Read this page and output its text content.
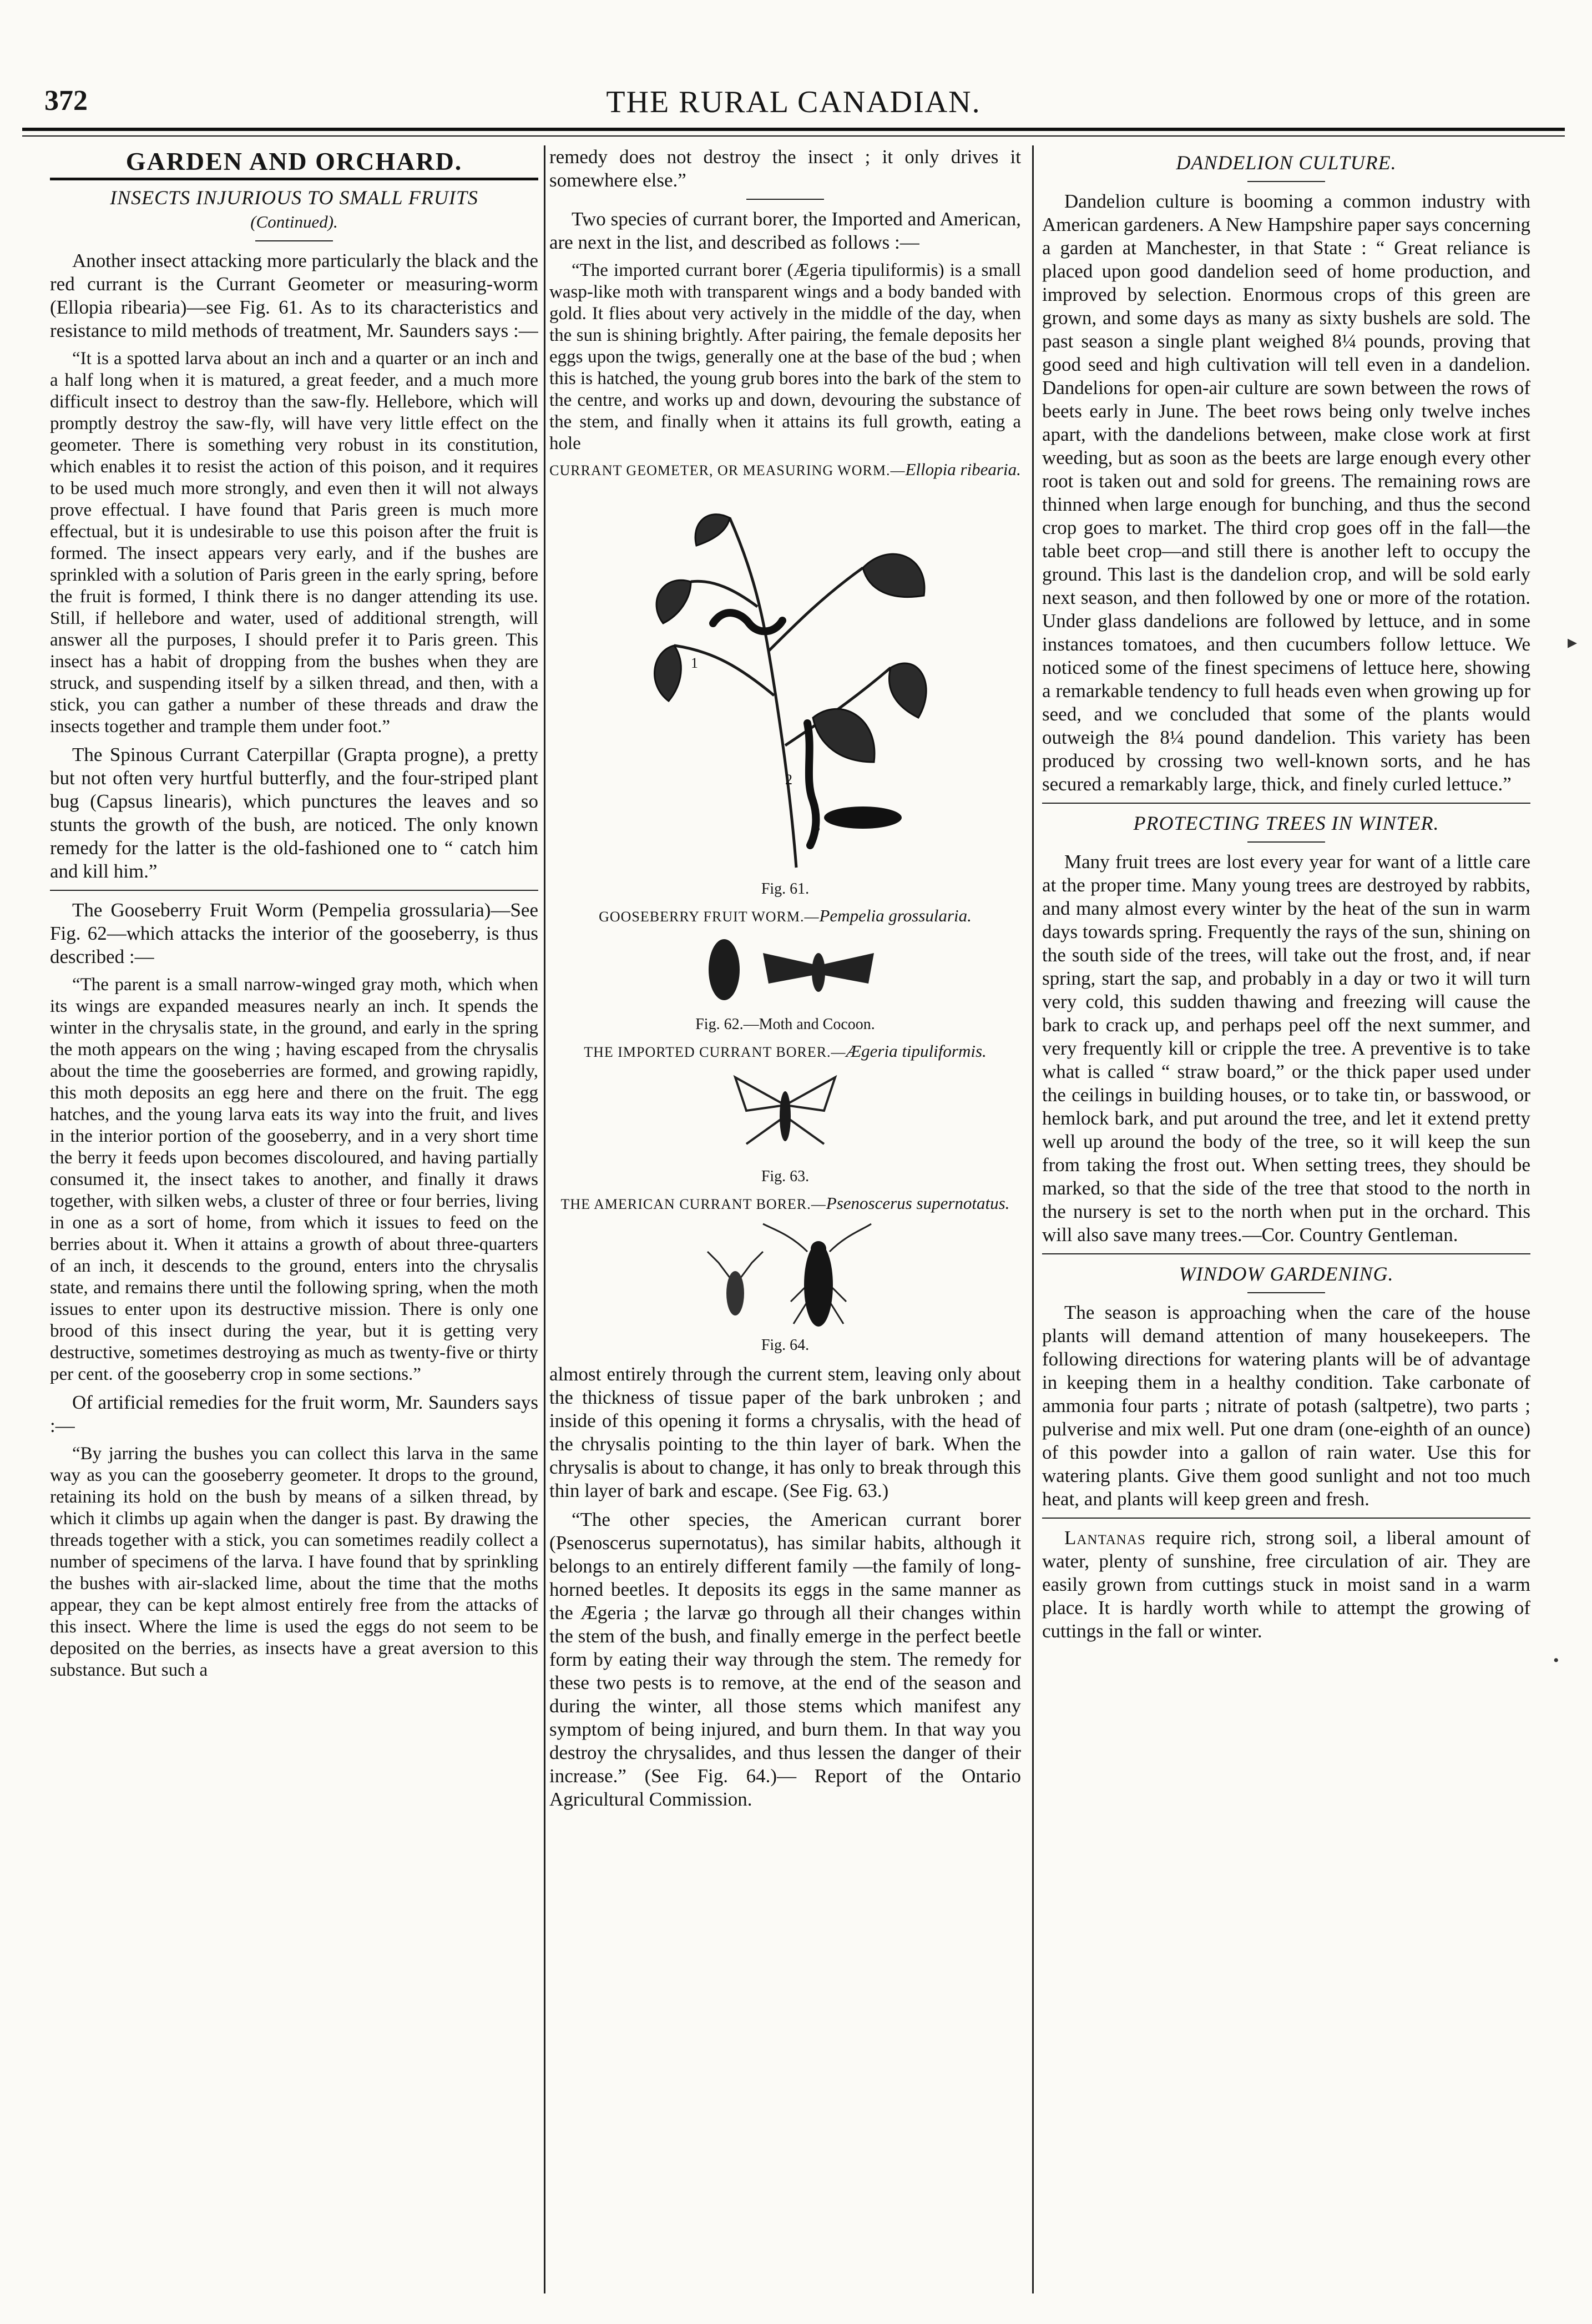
372	THE RURAL CANADIAN.
GARDEN AND ORCHARD.
INSECTS INJURIOUS TO SMALL FRUITS
(Continued).

Another insect attacking more particularly the black and the red currant is the Currant Geometer or measuring-worm (Ellopia ribearia)—see Fig. 61. As to its characteristics and resistance to mild methods of treatment, Mr. Saunders says :—

“It is a spotted larva about an inch and a quarter or an inch and a half long when it is matured, a great feeder, and a much more difficult insect to destroy than the saw-fly. Hellebore, which will promptly destroy the saw-fly, will have very little effect on the geometer. There is something very robust in its constitution, which enables it to resist the action of this poison, and it requires to be used much more strongly, and even then it will not always prove effectual. I have found that Paris green is much more effectual, but it is undesirable to use this poison after the fruit is formed. The insect appears very early, and if the bushes are sprinkled with a solution of Paris green in the early spring, before the fruit is formed, I think there is no danger attending its use. Still, if hellebore and water, used of additional strength, will answer all the purposes, I should prefer it to Paris green. This insect has a habit of dropping from the bushes when they are struck, and suspending itself by a silken thread, and then, with a stick, you can gather a number of these threads and draw the insects together and trample them under foot.”

The Spinous Currant Caterpillar (Grapta progne), a pretty but not often very hurtful butterfly, and the four-striped plant bug (Capsus linearis), which punctures the leaves and so stunts the growth of the bush, are noticed. The only known remedy for the latter is the old-fashioned one to “ catch him and kill him.”

The Gooseberry Fruit Worm (Pempelia grossularia)—See Fig. 62—which attacks the interior of the gooseberry, is thus described :—

“The parent is a small narrow-winged gray moth, which when its wings are expanded measures nearly an inch. It spends the winter in the chrysalis state, in the ground, and early in the spring the moth appears on the wing ; having escaped from the chrysalis about the time the gooseberries are formed, and growing rapidly, this moth deposits an egg here and there on the fruit. The egg hatches, and the young larva eats its way into the fruit, and lives in the interior portion of the gooseberry, and in a very short time the berry it feeds upon becomes discoloured, and having partially consumed it, the insect takes to another, and finally it draws together, with silken webs, a cluster of three or four berries, living in one as a sort of home, from which it issues to feed on the berries about it. When it attains a growth of about three-quarters of an inch, it descends to the ground, enters into the chrysalis state, and remains there until the following spring, when the moth issues to enter upon its destructive mission. There is only one brood of this insect during the year, but it is getting very destructive, sometimes destroying as much as twenty-five or thirty per cent. of the gooseberry crop in some sections.”

Of artificial remedies for the fruit worm, Mr. Saunders says :—

“By jarring the bushes you can collect this larva in the same way as you can the gooseberry geometer. It drops to the ground, retaining its hold on the bush by means of a silken thread, by which it climbs up again when the danger is past. By drawing the threads together with a stick, you can sometimes readily collect a number of specimens of the larva. I have found that by sprinkling the bushes with air-slacked lime, about the time that the moths appear, they can be kept almost entirely free from the attacks of this insect. Where the lime is used the eggs do not seem to be deposited on the berries, as insects have a great aversion to this substance. But such a

remedy does not destroy the insect ; it only drives it somewhere else.”

Two species of currant borer, the Imported and American, are next in the list, and described as follows :—

“The imported currant borer (Ægeria tipuliformis) is a small wasp-like moth with transparent wings and a body banded with gold. It flies about very actively in the middle of the day, when the sun is shining brightly. After pairing, the female deposits her eggs upon the twigs, generally one at the base of the bud ; when this is hatched, the young grub bores into the bark of the stem to the centre, and works up and down, devouring the substance of the stem, and finally when it attains its full growth, eating a hole

CURRANT GEOMETER, OR MEASURING WORM.—Ellopia ribearia.
1
2
3
Fig. 61.
GOOSEBERRY FRUIT WORM.—Pempelia grossularia.
Fig. 62.—Moth and Cocoon.
THE IMPORTED CURRANT BORER.—Ægeria tipuliformis.
Fig. 63.
THE AMERICAN CURRANT BORER.—Psenoscerus supernotatus.
Fig. 64.

almost entirely through the current stem, leaving only about the thickness of tissue paper of the bark unbroken ; and inside of this opening it forms a chrysalis, with the head of the chrysalis pointing to the thin layer of bark. When the chrysalis is about to change, it has only to break through this thin layer of bark and escape. (See Fig. 63.)

“The other species, the American currant borer (Psenoscerus supernotatus), has similar habits, although it belongs to an entirely different family —the family of long-horned beetles. It deposits its eggs in the same manner as the Ægeria ; the larvæ go through all their changes within the stem of the bush, and finally emerge in the perfect beetle form by eating their way through the stem. The remedy for these two pests is to remove, at the end of the season and during the winter, all those stems which manifest any symptom of being injured, and burn them. In that way you destroy the chrysalides, and thus lessen the danger of their increase.” (See Fig. 64.)— Report of the Ontario Agricultural Commission.

DANDELION CULTURE.

Dandelion culture is booming a common industry with American gardeners. A New Hampshire paper says concerning a garden at Manchester, in that State : “ Great reliance is placed upon good dandelion seed of home production, and improved by selection. Enormous crops of this green are grown, and some days as many as sixty bushels are sold. The past season a single plant weighed 8¼ pounds, proving that good seed and high cultivation will tell even in a dandelion. Dandelions for open-air culture are sown between the rows of beets early in June. The beet rows being only twelve inches apart, with the dandelions between, make close work at first weeding, but as soon as the beets are large enough every other root is taken out and sold for greens. The remaining rows are thinned when large enough for bunching, and thus the second crop goes to market. The third crop goes off in the fall—the table beet crop—and still there is another left to occupy the ground. This last is the dandelion crop, and will be sold early next season, and then followed by one or more of the rotation. Under glass dandelions are followed by lettuce, and in some instances tomatoes, and then cucumbers follow lettuce. We noticed some of the finest specimens of lettuce here, showing a remarkable tendency to full heads even when growing up for seed, and we concluded that some of the plants would outweigh the 8¼ pound dandelion. This variety has been produced by crossing two well-known sorts, and he has secured a remarkably large, thick, and finely curled lettuce.”

PROTECTING TREES IN WINTER.

Many fruit trees are lost every year for want of a little care at the proper time. Many young trees are destroyed by rabbits, and many almost every winter by the heat of the sun in warm days towards spring. Frequently the rays of the sun, shining on the south side of the trees, will take out the frost, and, if near spring, start the sap, and probably in a day or two it will turn very cold, this sudden thawing and freezing will cause the bark to crack up, and perhaps peel off the next summer, and very frequently kill or cripple the tree. A preventive is to take what is called “ straw board,” or the thick paper used under the ceilings in building houses, or to take tin, or basswood, or hemlock bark, and put around the tree, and let it extend pretty well up around the body of the tree, so it will keep the sun from taking the frost out. When setting trees, they should be marked, so that the side of the tree that stood to the north in the nursery is set to the north when put in the orchard. This will also save many trees.—Cor. Country Gentleman.

WINDOW GARDENING.

The season is approaching when the care of the house plants will demand attention of many housekeepers. The following directions for watering plants will be of advantage in keeping them in a healthy condition. Take carbonate of ammonia four parts ; nitrate of potash (saltpetre), two parts ; pulverise and mix well. Put one dram (one-eighth of an ounce) of this powder into a gallon of rain water. Use this for watering plants. Give them good sunlight and not too much heat, and plants will keep green and fresh.

Lantanas require rich, strong soil, a liberal amount of water, plenty of sunshine, free circulation of air. They are easily grown from cuttings stuck in moist sand in a warm place. It is hardly worth while to attempt the growing of cuttings in the fall or winter.

▸
•
